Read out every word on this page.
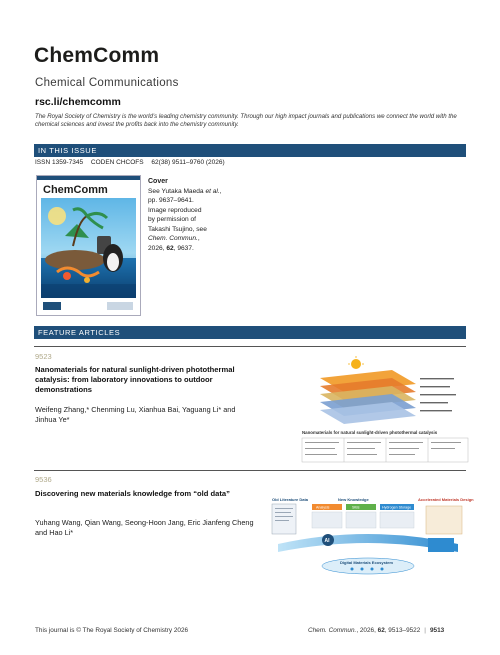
ChemComm
Chemical Communications
rsc.li/chemcomm
The Royal Society of Chemistry is the world’s leading chemistry community. Through our high impact journals and publications we connect the world with the chemical sciences and invest the profits back into the chemistry community.
IN THIS ISSUE
ISSN 1359-7345 CODEN CHCOFS 62(38) 9511–9760 (2026)
ChemComm
Cover
See Yutaka Maeda et al.,
pp. 9637–9641.
Image reproduced
by permission of
Takashi Tsujino, see
Chem. Commun.,
2026, 62, 9637.
FEATURE ARTICLES
9523
Nanomaterials for natural sunlight-driven photothermal catalysis: from laboratory innovations to outdoor demonstrations
Weifeng Zhang,* Chenming Lu, Xianhua Bai, Yaguang Li* and Jinhua Ye*
Nanomaterials for natural sunlight-driven photothermal catalysis
9536
Discovering new materials knowledge from “old data”
Yuhang Wang, Qian Wang, Seong-Hoon Jang, Eric Jianfeng Cheng and Hao Li*
Old Literature Data	New Knowledge
Analysis	SIBs	Hydrogen Storage
Accelerated Materials Design
AI
Digital Materials Ecosystem
This journal is © The Royal Society of Chemistry 2026	Chem. Commun., 2026, 62, 9513–9522 | 9513
